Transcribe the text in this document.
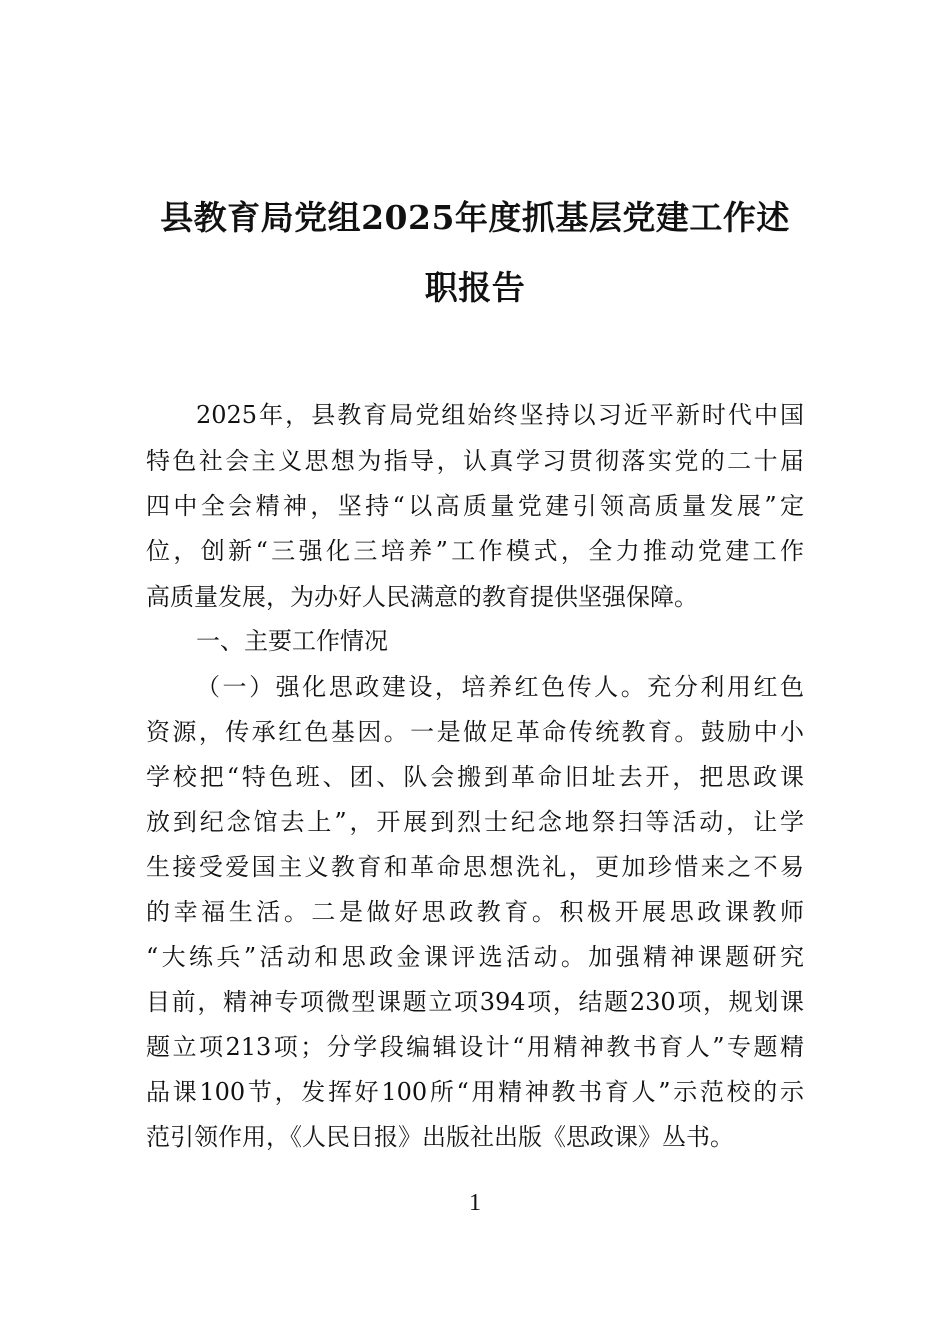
县教育局党组2025年度抓基层党建工作述
职报告
2025年，县教育局党组始终坚持以习近平新时代中国
特色社会主义思想为指导，认真学习贯彻落实党的二十届
四中全会精神，坚持“以高质量党建引领高质量发展”定
位，创新“三强化三培养”工作模式，全力推动党建工作
高质量发展，为办好人民满意的教育提供坚强保障。
一、主要工作情况
（一）强化思政建设，培养红色传人。充分利用红色
资源，传承红色基因。一是做足革命传统教育。鼓励中小
学校把“特色班、团、队会搬到革命旧址去开，把思政课
放到纪念馆去上”，开展到烈士纪念地祭扫等活动，让学
生接受爱国主义教育和革命思想洗礼，更加珍惜来之不易
的幸福生活。二是做好思政教育。积极开展思政课教师
“大练兵”活动和思政金课评选活动。加强精神课题研究
目前，精神专项微型课题立项394项，结题230项，规划课
题立项213项；分学段编辑设计“用精神教书育人”专题精
品课100节，发挥好100所“用精神教书育人”示范校的示
范引领作用，《人民日报》出版社出版《思政课》丛书。
1
